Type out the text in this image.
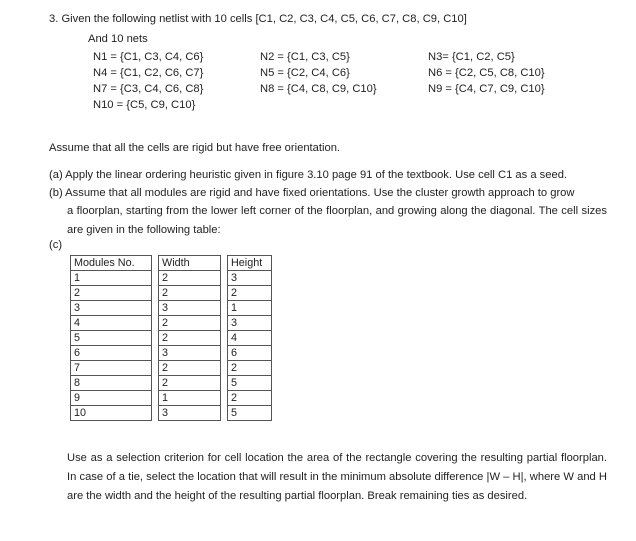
3. Given the following netlist with 10 cells [C1, C2, C3, C4, C5, C6, C7, C8, C9, C10]
And 10 nets
N1 = {C1, C3, C4, C6}	N2 = {C1, C3, C5}	N3= {C1, C2, C5}
N4 = {C1, C2, C6, C7}	N5 = {C2, C4, C6}	N6 = {C2, C5, C8, C10}
N7 = {C3, C4, C6, C8}	N8 = {C4, C8, C9, C10}	N9 = {C4, C7, C9, C10}
N10 = {C5, C9, C10}
Assume that all the cells are rigid but have free orientation.
(a) Apply the linear ordering heuristic given in figure 3.10 page 91 of the textbook. Use cell C1 as a seed.
(b) Assume that all modules are rigid and have fixed orientations. Use the cluster growth approach to grow
a floorplan, starting from the lower left corner of the floorplan, and growing along the diagonal. The cell sizes are given in the following table:
(c)
Modules No.		Width		Height
1		2		3
2		2		2
3		3		1
4		2		3
5		2		4
6		3		6
7		2		2
8		2		5
9		1		2
10		3		5
Use as a selection criterion for cell location the area of the rectangle covering the resulting partial floorplan. In case of a tie, select the location that will result in the minimum absolute difference |W – H|, where W and H are the width and the height of the resulting partial floorplan. Break remaining ties as desired.
